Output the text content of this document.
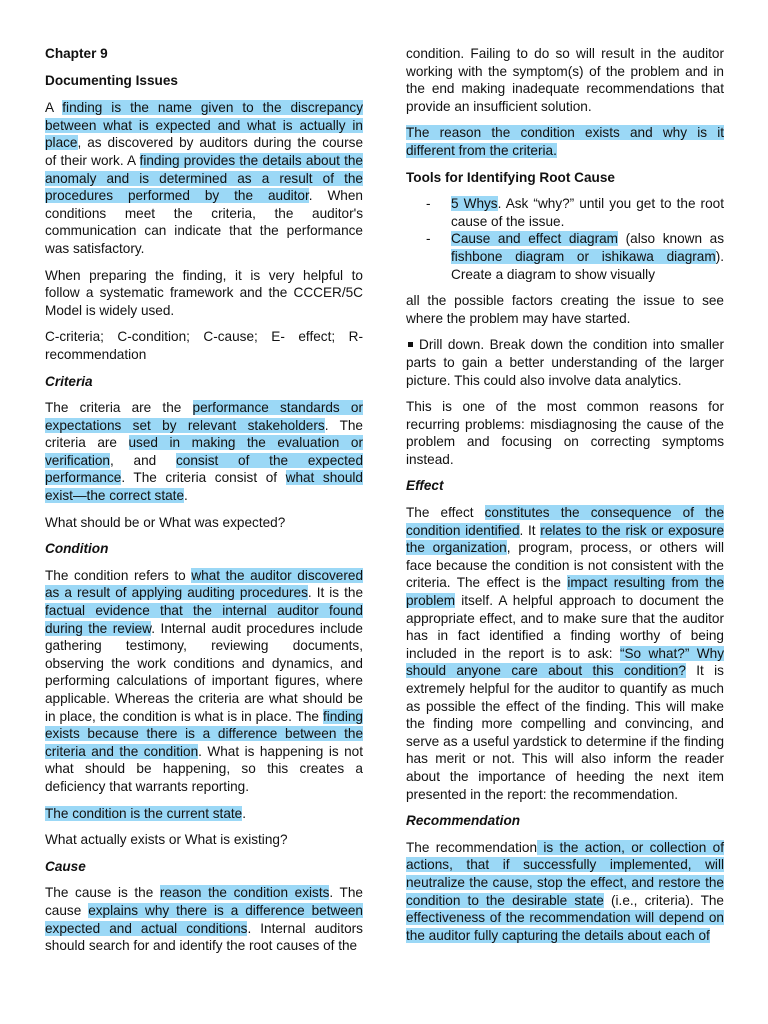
Chapter 9

Documenting Issues

A finding is the name given to the discrepancy between what is expected and what is actually in place, as discovered by auditors during the course of their work. A finding provides the details about the anomaly and is determined as a result of the procedures performed by the auditor. When conditions meet the criteria, the auditor's communication can indicate that the performance was satisfactory.

When preparing the finding, it is very helpful to follow a systematic framework and the CCCER/5C Model is widely used.

C-criteria; C-condition; C-cause; E- effect; R-recommendation

Criteria

The criteria are the performance standards or expectations set by relevant stakeholders. The criteria are used in making the evaluation or verification, and consist of the expected performance. The criteria consist of what should exist—the correct state.

What should be or What was expected?

Condition

The condition refers to what the auditor discovered as a result of applying auditing procedures. It is the factual evidence that the internal auditor found during the review. Internal audit procedures include gathering testimony, reviewing documents, observing the work conditions and dynamics, and performing calculations of important figures, where applicable. Whereas the criteria are what should be in place, the condition is what is in place. The finding exists because there is a difference between the criteria and the condition. What is happening is not what should be happening, so this creates a deficiency that warrants reporting.

The condition is the current state.

What actually exists or What is existing?

Cause

The cause is the reason the condition exists. The cause explains why there is a difference between expected and actual conditions. Internal auditors should search for and identify the root causes of the

condition. Failing to do so will result in the auditor working with the symptom(s) of the problem and in the end making inadequate recommendations that provide an insufficient solution.

The reason the condition exists and why is it different from the criteria.

Tools for Identifying Root Cause

- 5 Whys. Ask “why?” until you get to the root cause of the issue.
- Cause and effect diagram (also known as fishbone diagram or ishikawa diagram). Create a diagram to show visually

all the possible factors creating the issue to see where the problem may have started.

Drill down. Break down the condition into smaller parts to gain a better understanding of the larger picture. This could also involve data analytics.

This is one of the most common reasons for recurring problems: misdiagnosing the cause of the problem and focusing on correcting symptoms instead.

Effect

The effect constitutes the consequence of the condition identified. It relates to the risk or exposure the organization, program, process, or others will face because the condition is not consistent with the criteria. The effect is the impact resulting from the problem itself. A helpful approach to document the appropriate effect, and to make sure that the auditor has in fact identified a finding worthy of being included in the report is to ask: “So what?” Why should anyone care about this condition? It is extremely helpful for the auditor to quantify as much as possible the effect of the finding. This will make the finding more compelling and convincing, and serve as a useful yardstick to determine if the finding has merit or not. This will also inform the reader about the importance of heeding the next item presented in the report: the recommendation.

Recommendation

The recommendation is the action, or collection of actions, that if successfully implemented, will neutralize the cause, stop the effect, and restore the condition to the desirable state (i.e., criteria). The effectiveness of the recommendation will depend on the auditor fully capturing the details about each of
